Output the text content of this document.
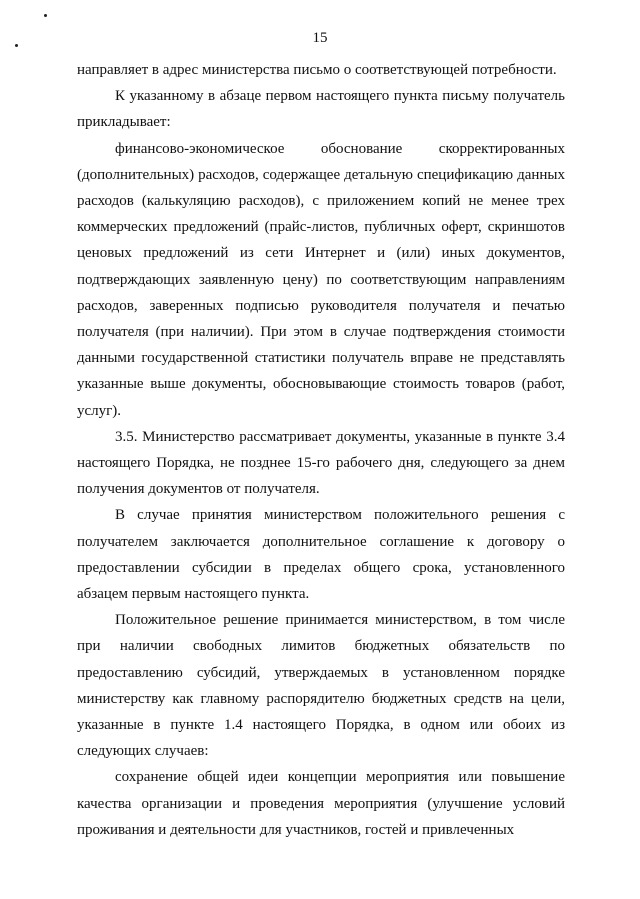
15

направляет в адрес министерства письмо о соответствующей потребности.

К указанному в абзаце первом настоящего пункта письму получатель прикладывает:

финансово-экономическое обоснование скорректированных (дополнительных) расходов, содержащее детальную спецификацию данных расходов (калькуляцию расходов), с приложением копий не менее трех коммерческих предложений (прайс-листов, публичных оферт, скриншотов ценовых предложений из сети Интернет и (или) иных документов, подтверждающих заявленную цену) по соответствующим направлениям расходов, заверенных подписью руководителя получателя и печатью получателя (при наличии). При этом в случае подтверждения стоимости данными государственной статистики получатель вправе не представлять указанные выше документы, обосновывающие стоимость товаров (работ, услуг).

3.5. Министерство рассматривает документы, указанные в пункте 3.4 настоящего Порядка, не позднее 15-го рабочего дня, следующего за днем получения документов от получателя.

В случае принятия министерством положительного решения с получателем заключается дополнительное соглашение к договору о предоставлении субсидии в пределах общего срока, установленного абзацем первым настоящего пункта.

Положительное решение принимается министерством, в том числе при наличии свободных лимитов бюджетных обязательств по предоставлению субсидий, утверждаемых в установленном порядке министерству как главному распорядителю бюджетных средств на цели, указанные в пункте 1.4 настоящего Порядка, в одном или обоих из следующих случаев:

сохранение общей идеи концепции мероприятия или повышение качества организации и проведения мероприятия (улучшение условий проживания и деятельности для участников, гостей и привлеченных
